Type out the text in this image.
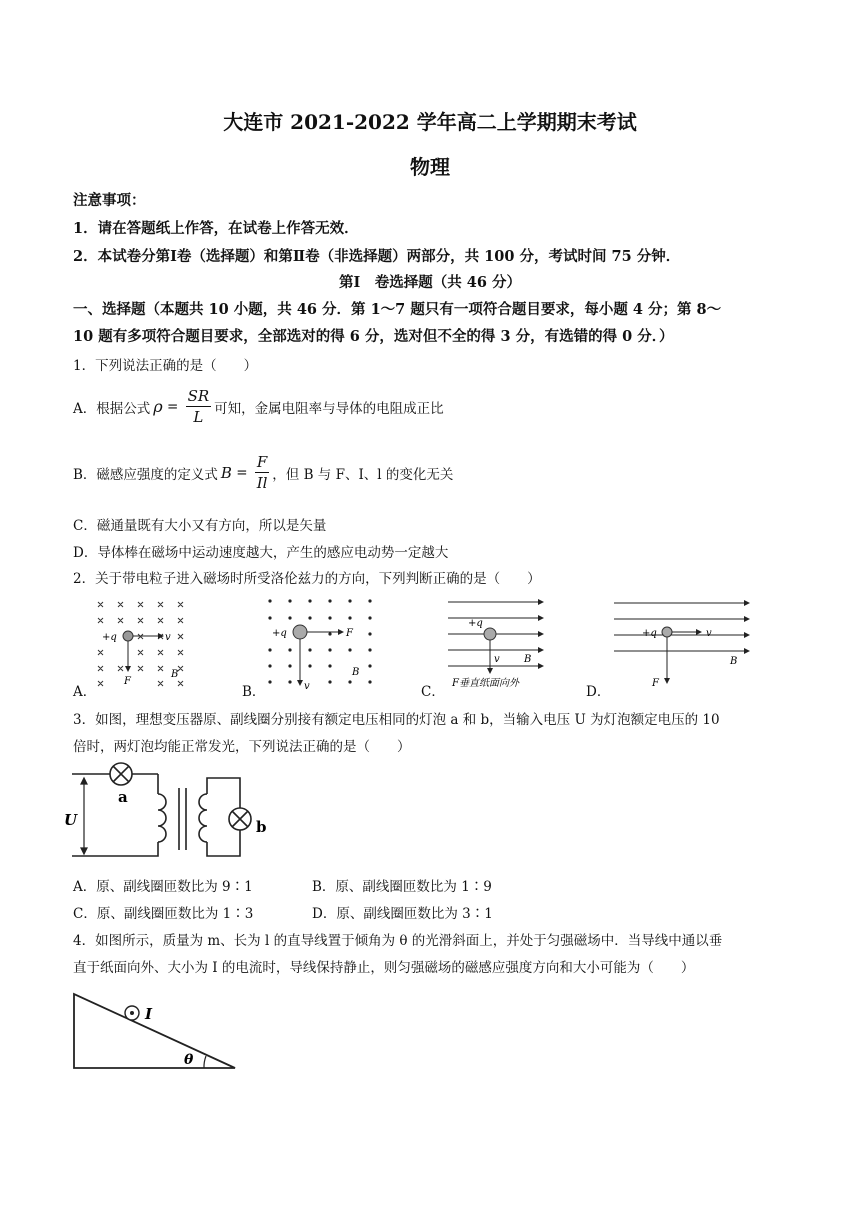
大连市 2021-2022 学年高二上学期期末考试
物理
注意事项：
1．请在答题纸上作答，在试卷上作答无效．
2．本试卷分第Ⅰ卷（选择题）和第Ⅱ卷（非选择题）两部分，共 100 分，考试时间 75 分钟．
第Ⅰ　卷选择题（共 46 分）
一、选择题（本题共 10 小题，共 46 分．第 1～7 题只有一项符合题目要求，每小题 4 分；第 8～
10 题有多项符合题目要求，全部选对的得 6 分，选对但不全的得 3 分，有选错的得 0 分．）
1．下列说法正确的是（　　）
A．根据公式 $\rho = \frac{SR}{L}$ 可知，金属电阻率与导体的电阻成正比
B．磁感应强度的定义式 $B = \frac{F}{Il}$ ，但 B 与 F、I、l 的变化无关
C．磁通量既有大小又有方向，所以是矢量
D．导体棒在磁场中运动速度越大，产生的感应电动势一定越大
2．关于带电粒子进入磁场时所受洛伦兹力的方向，下列判断正确的是（　　）
+q	v
F
B
A．
+q	F
v
B
B．
+q
v B
F垂直纸面向外
C．
+q	v
B
F
D．
3．如图，理想变压器原、副线圈分别接有额定电压相同的灯泡 a 和 b，当输入电压 U 为灯泡额定电压的 10
倍时，两灯泡均能正常发光，下列说法正确的是（　　）
a
b
U
A．原、副线圈匝数比为 9∶1	B．原、副线圈匝数比为 1∶9
C．原、副线圈匝数比为 1∶3	D．原、副线圈匝数比为 3∶1
4．如图所示，质量为 m、长为 l 的直导线置于倾角为 θ 的光滑斜面上，并处于匀强磁场中．当导线中通以垂
直于纸面向外、大小为 I 的电流时，导线保持静止，则匀强磁场的磁感应强度方向和大小可能为（　　）
I
θ
